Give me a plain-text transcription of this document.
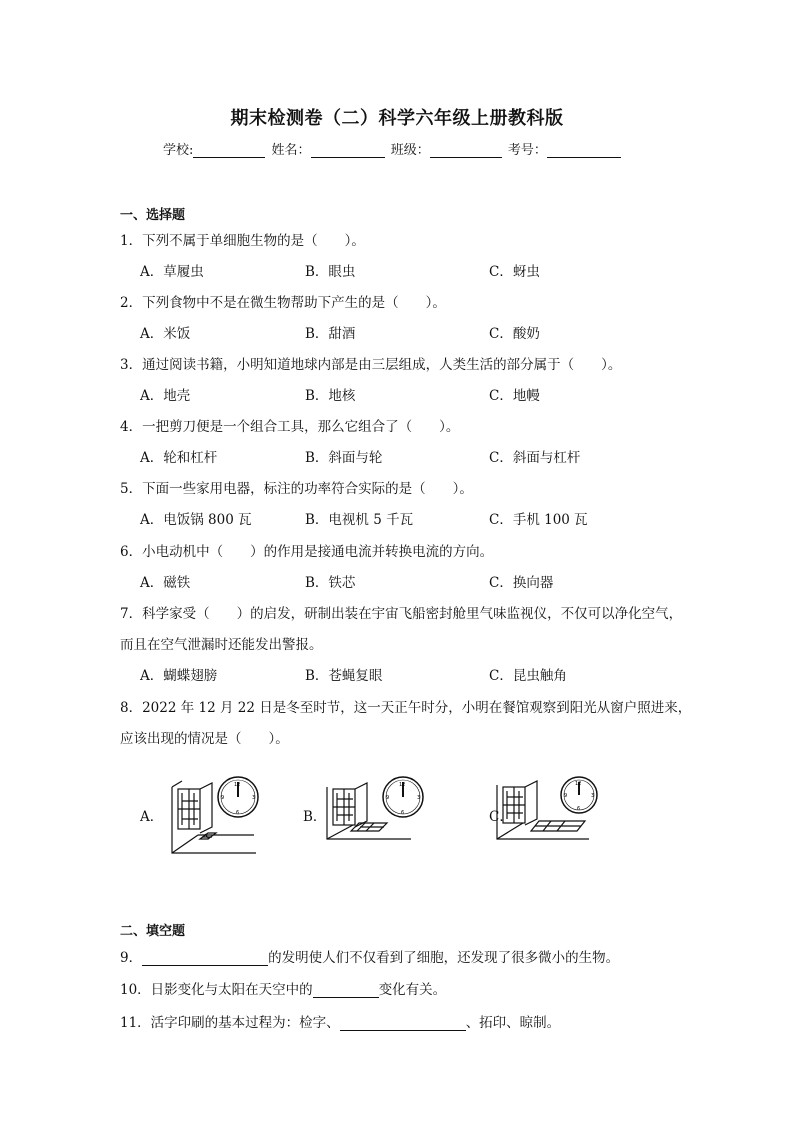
期末检测卷（二）科学六年级上册教科版
学校:	姓名：	班级：	考号：
一、选择题
1．下列不属于单细胞生物的是（　　）。
A．草履虫	B．眼虫	C．蚜虫
2．下列食物中不是在微生物帮助下产生的是（　　）。
A．米饭	B．甜酒	C．酸奶
3．通过阅读书籍，小明知道地球内部是由三层组成，人类生活的部分属于（　　）。
A．地壳	B．地核	C．地幔
4．一把剪刀便是一个组合工具，那么它组合了（　　）。
A．轮和杠杆	B．斜面与轮	C．斜面与杠杆
5．下面一些家用电器，标注的功率符合实际的是（　　）。
A．电饭锅 800 瓦	B．电视机 5 千瓦	C．手机 100 瓦
6．小电动机中（　　）的作用是接通电流并转换电流的方向。
A．磁铁	B．铁芯	C．换向器
7．科学家受（　　）的启发，研制出装在宇宙飞船密封舱里气味监视仪，不仅可以净化空气，
而且在空气泄漏时还能发出警报。
A．蝴蝶翅膀	B．苍蝇复眼	C．昆虫触角
8．2022 年 12 月 22 日是冬至时节，这一天正午时分，小明在餐馆观察到阳光从窗户照进来，
应该出现的情况是（　　）。
A．
12
3
6
9
B．
12
3
6
9
C．
12
3
6
9
二、填空题
9．	的发明使人们不仅看到了细胞，还发现了很多微小的生物。
10．日影变化与太阳在天空中的	变化有关。
11．活字印刷的基本过程为：检字、	、拓印、晾制。
